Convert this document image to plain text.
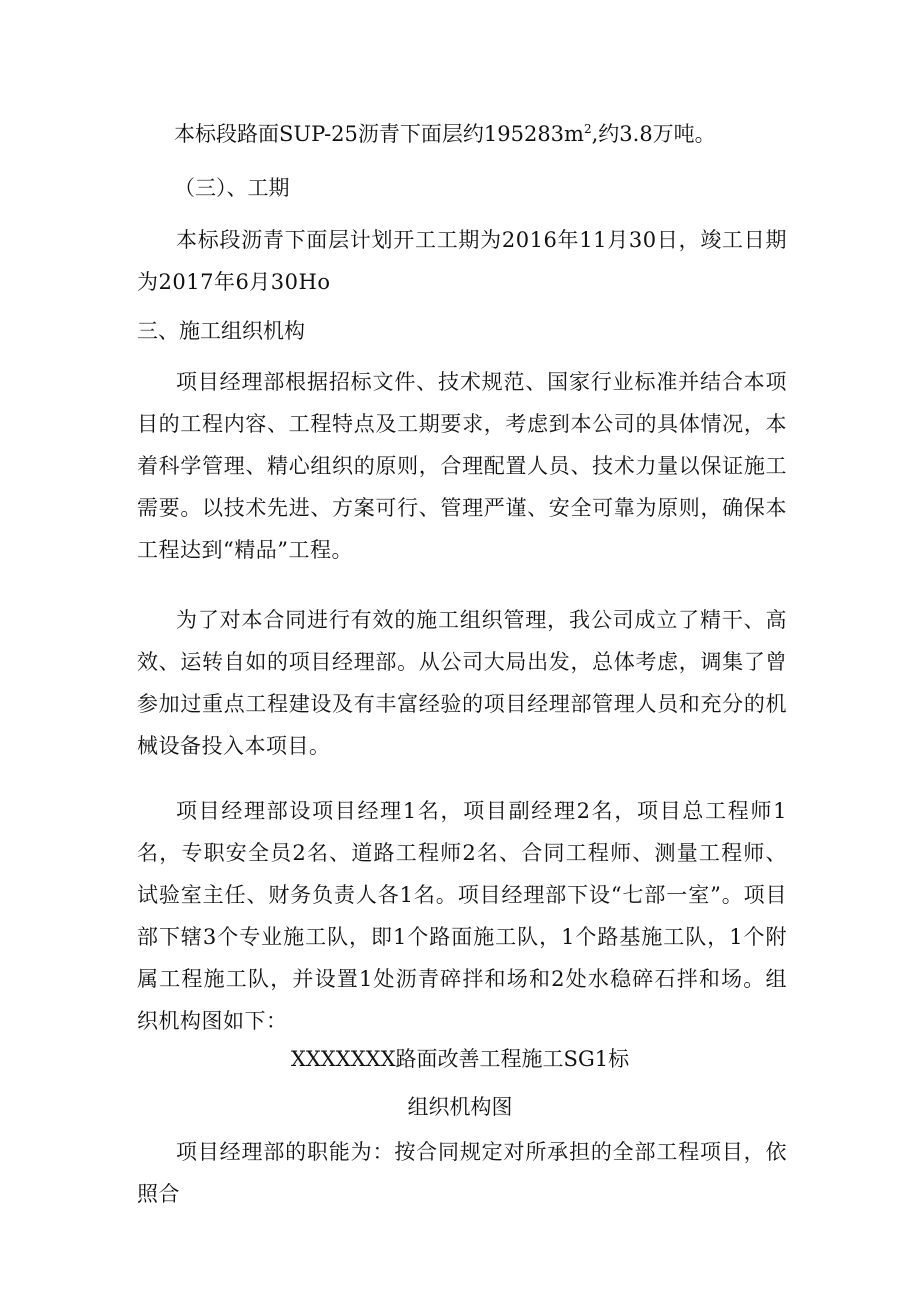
本标段路面SUP-25沥青下面层约$195283m^2$,约3.8万吨。

（三）、工期

本标段沥青下面层计划开工工期为2016年11月30日，竣工日期为2017年6月30Ho

三、施工组织机构

项目经理部根据招标文件、技术规范、国家行业标准并结合本项目的工程内容、工程特点及工期要求，考虑到本公司的具体情况，本着科学管理、精心组织的原则，合理配置人员、技术力量以保证施工需要。以技术先进、方案可行、管理严谨、安全可靠为原则，确保本工程达到“精品”工程。

为了对本合同进行有效的施工组织管理，我公司成立了精干、高效、运转自如的项目经理部。从公司大局出发，总体考虑，调集了曾参加过重点工程建设及有丰富经验的项目经理部管理人员和充分的机械设备投入本项目。

项目经理部设项目经理1名，项目副经理2名，项目总工程师1名，专职安全员2名、道路工程师2名、合同工程师、测量工程师、试验室主任、财务负责人各1名。项目经理部下设“七部一室”。项目部下辖3个专业施工队，即1个路面施工队，1个路基施工队，1个附属工程施工队，并设置1处沥青碎拌和场和2处水稳碎石拌和场。组织机构图如下：

XXXXXXX路面改善工程施工SG1标

组织机构图

项目经理部的职能为：按合同规定对所承担的全部工程项目，依照合
